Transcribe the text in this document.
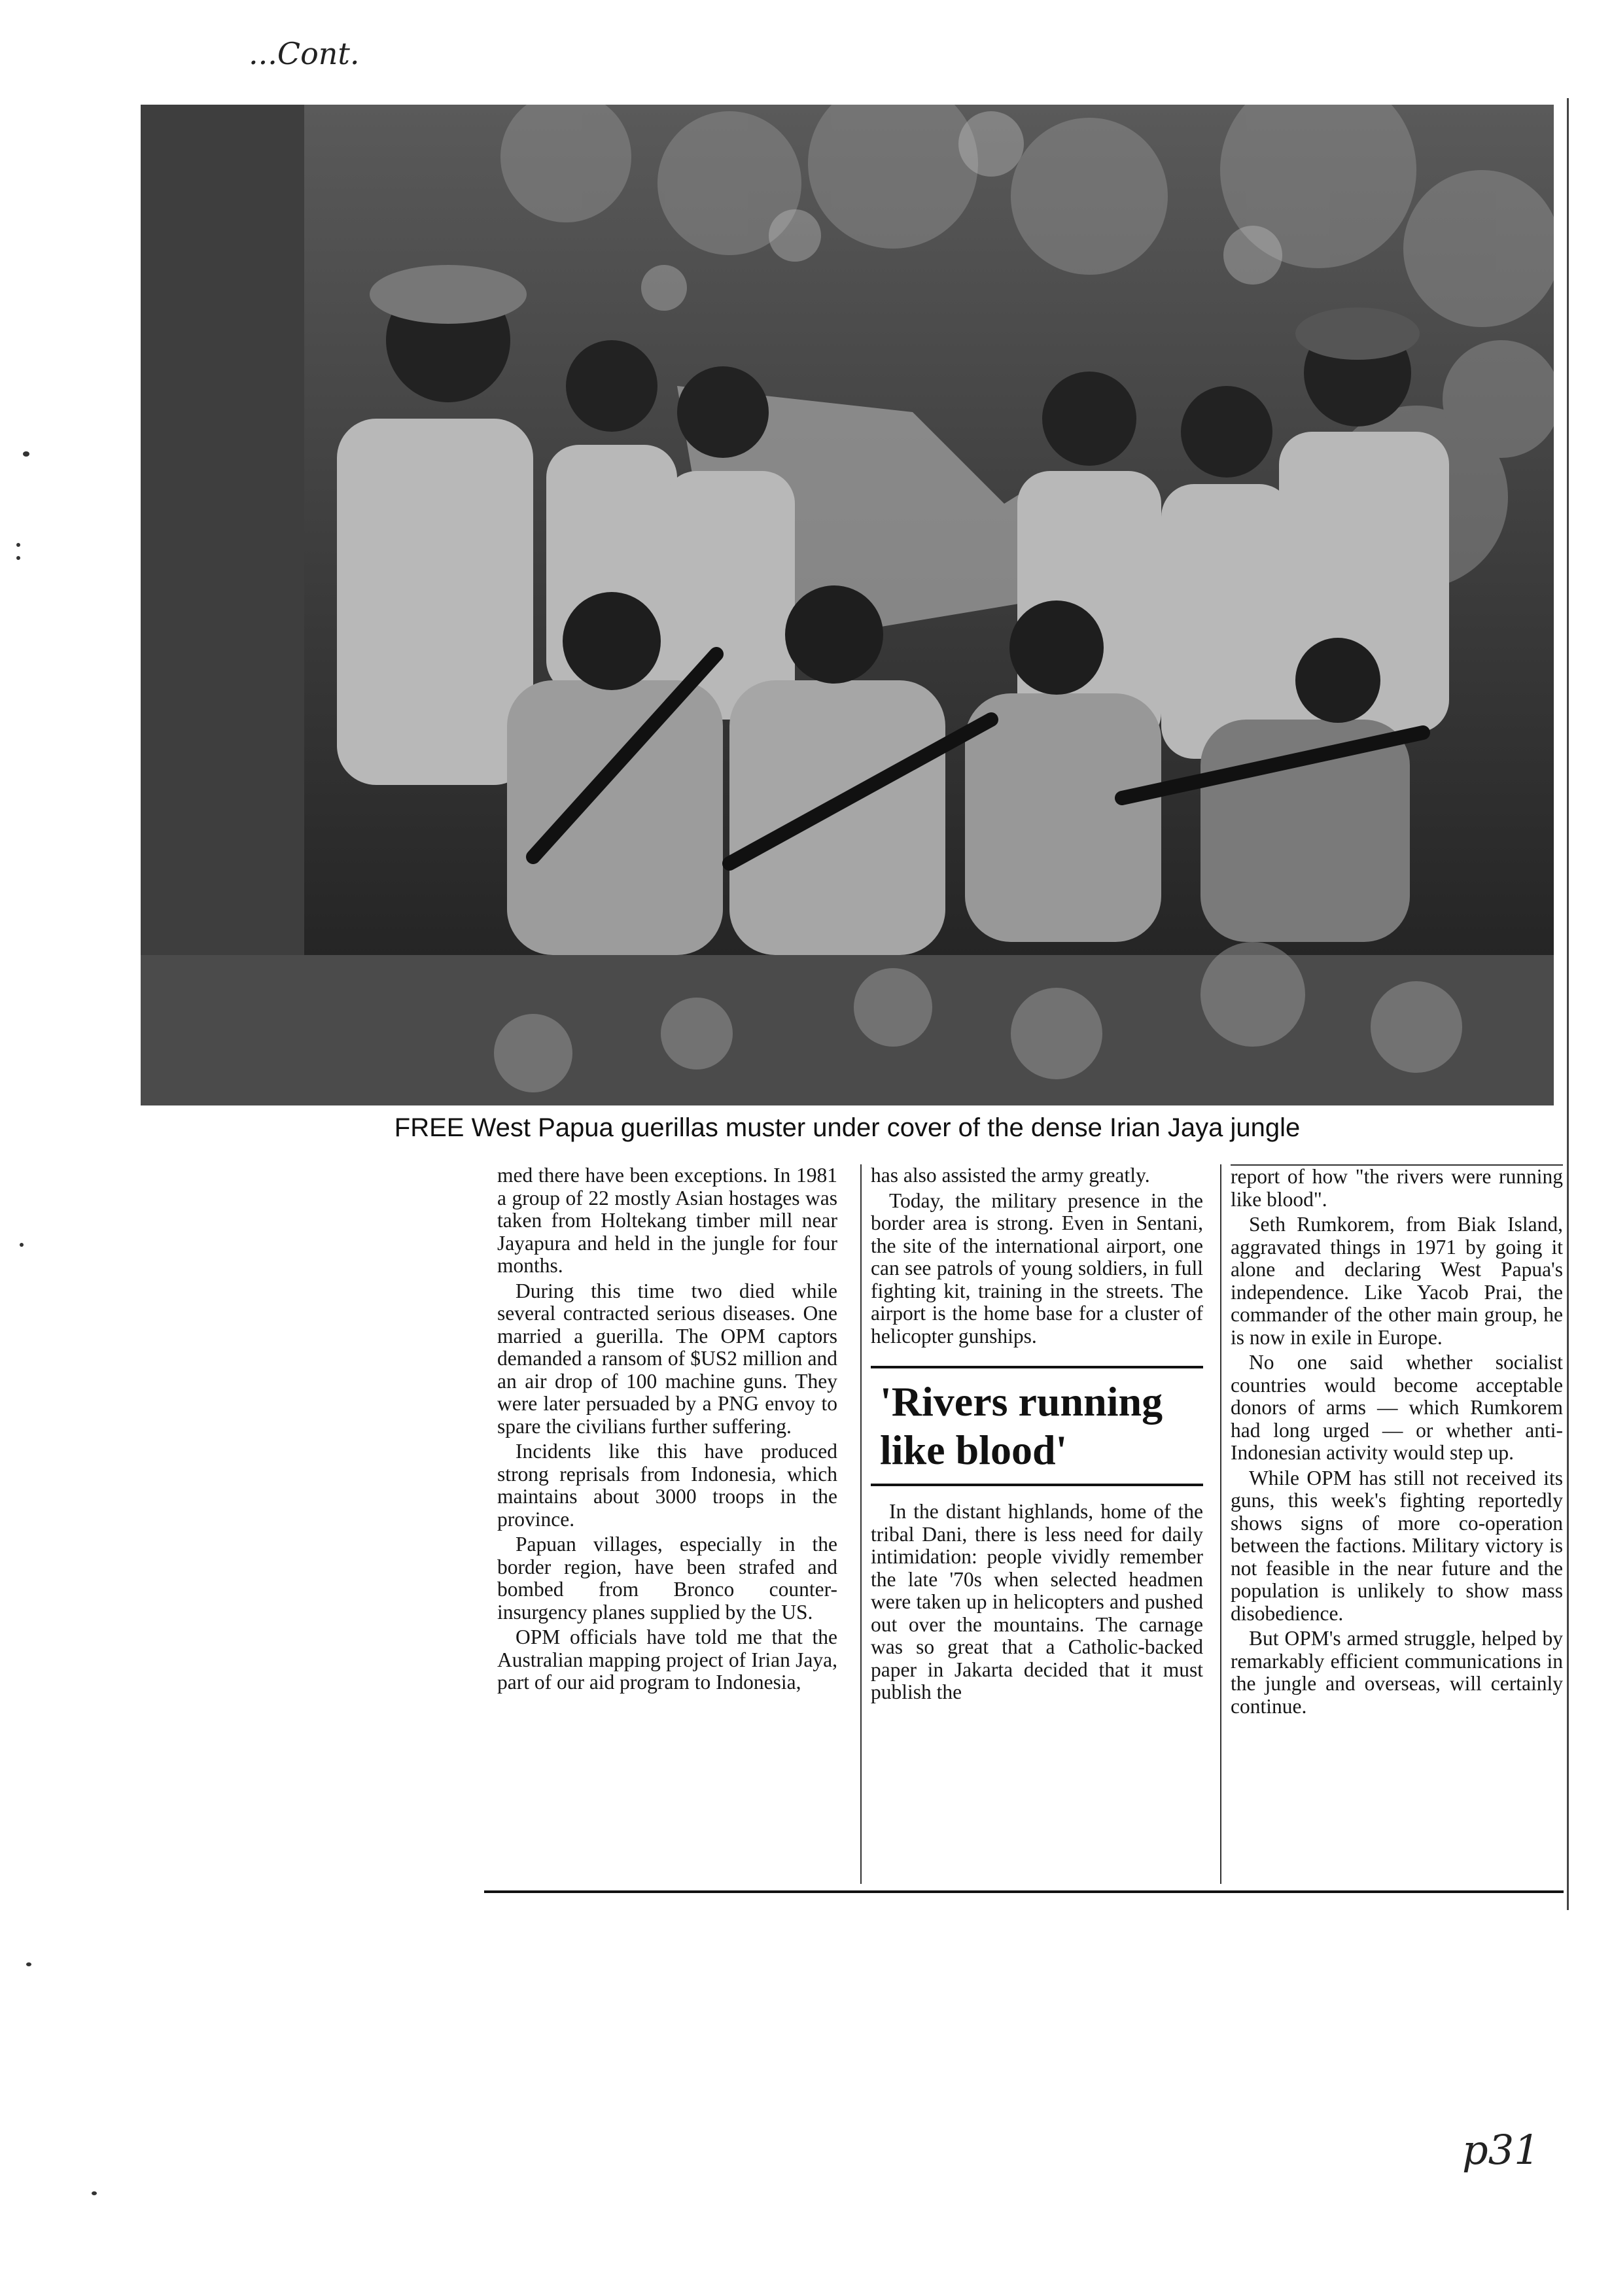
...Cont.
FREE West Papua guerillas muster under cover of the dense Irian Jaya jungle

med there have been exceptions. In 1981 a group of 22 mostly Asian hostages was taken from Holtekang timber mill near Jayapura and held in the jungle for four months.

During this time two died while several contracted serious diseases. One married a guerilla. The OPM captors demanded a ransom of $US2 million and an air drop of 100 machine guns. They were later persuaded by a PNG envoy to spare the civilians further suffering.

Incidents like this have produced strong reprisals from Indonesia, which maintains about 3000 troops in the province.

Papuan villages, especially in the border region, have been strafed and bombed from Bronco counter-insurgency planes supplied by the US.

OPM officials have told me that the Australian mapping project of Irian Jaya, part of our aid program to Indonesia,

has also assisted the army greatly.

Today, the military presence in the border area is strong. Even in Sentani, the site of the international airport, one can see patrols of young soldiers, in full fighting kit, training in the streets. The airport is the home base for a cluster of helicopter gunships.

'Rivers running like blood'

In the distant highlands, home of the tribal Dani, there is less need for daily intimidation: people vividly remember the late '70s when selected headmen were taken up in helicopters and pushed out over the mountains. The carnage was so great that a Catholic-backed paper in Jakarta decided that it must publish the

report of how "the rivers were running like blood".

Seth Rumkorem, from Biak Island, aggravated things in 1971 by going it alone and declaring West Papua's independence. Like Yacob Prai, the commander of the other main group, he is now in exile in Europe.

No one said whether socialist countries would become acceptable donors of arms — which Rumkorem had long urged — or whether anti-Indonesian activity would step up.

While OPM has still not received its guns, this week's fighting reportedly shows signs of more co-operation between the factions. Military victory is not feasible in the near future and the population is unlikely to show mass disobedience.

But OPM's armed struggle, helped by remarkably efficient communications in the jungle and overseas, will certainly continue.

p31
